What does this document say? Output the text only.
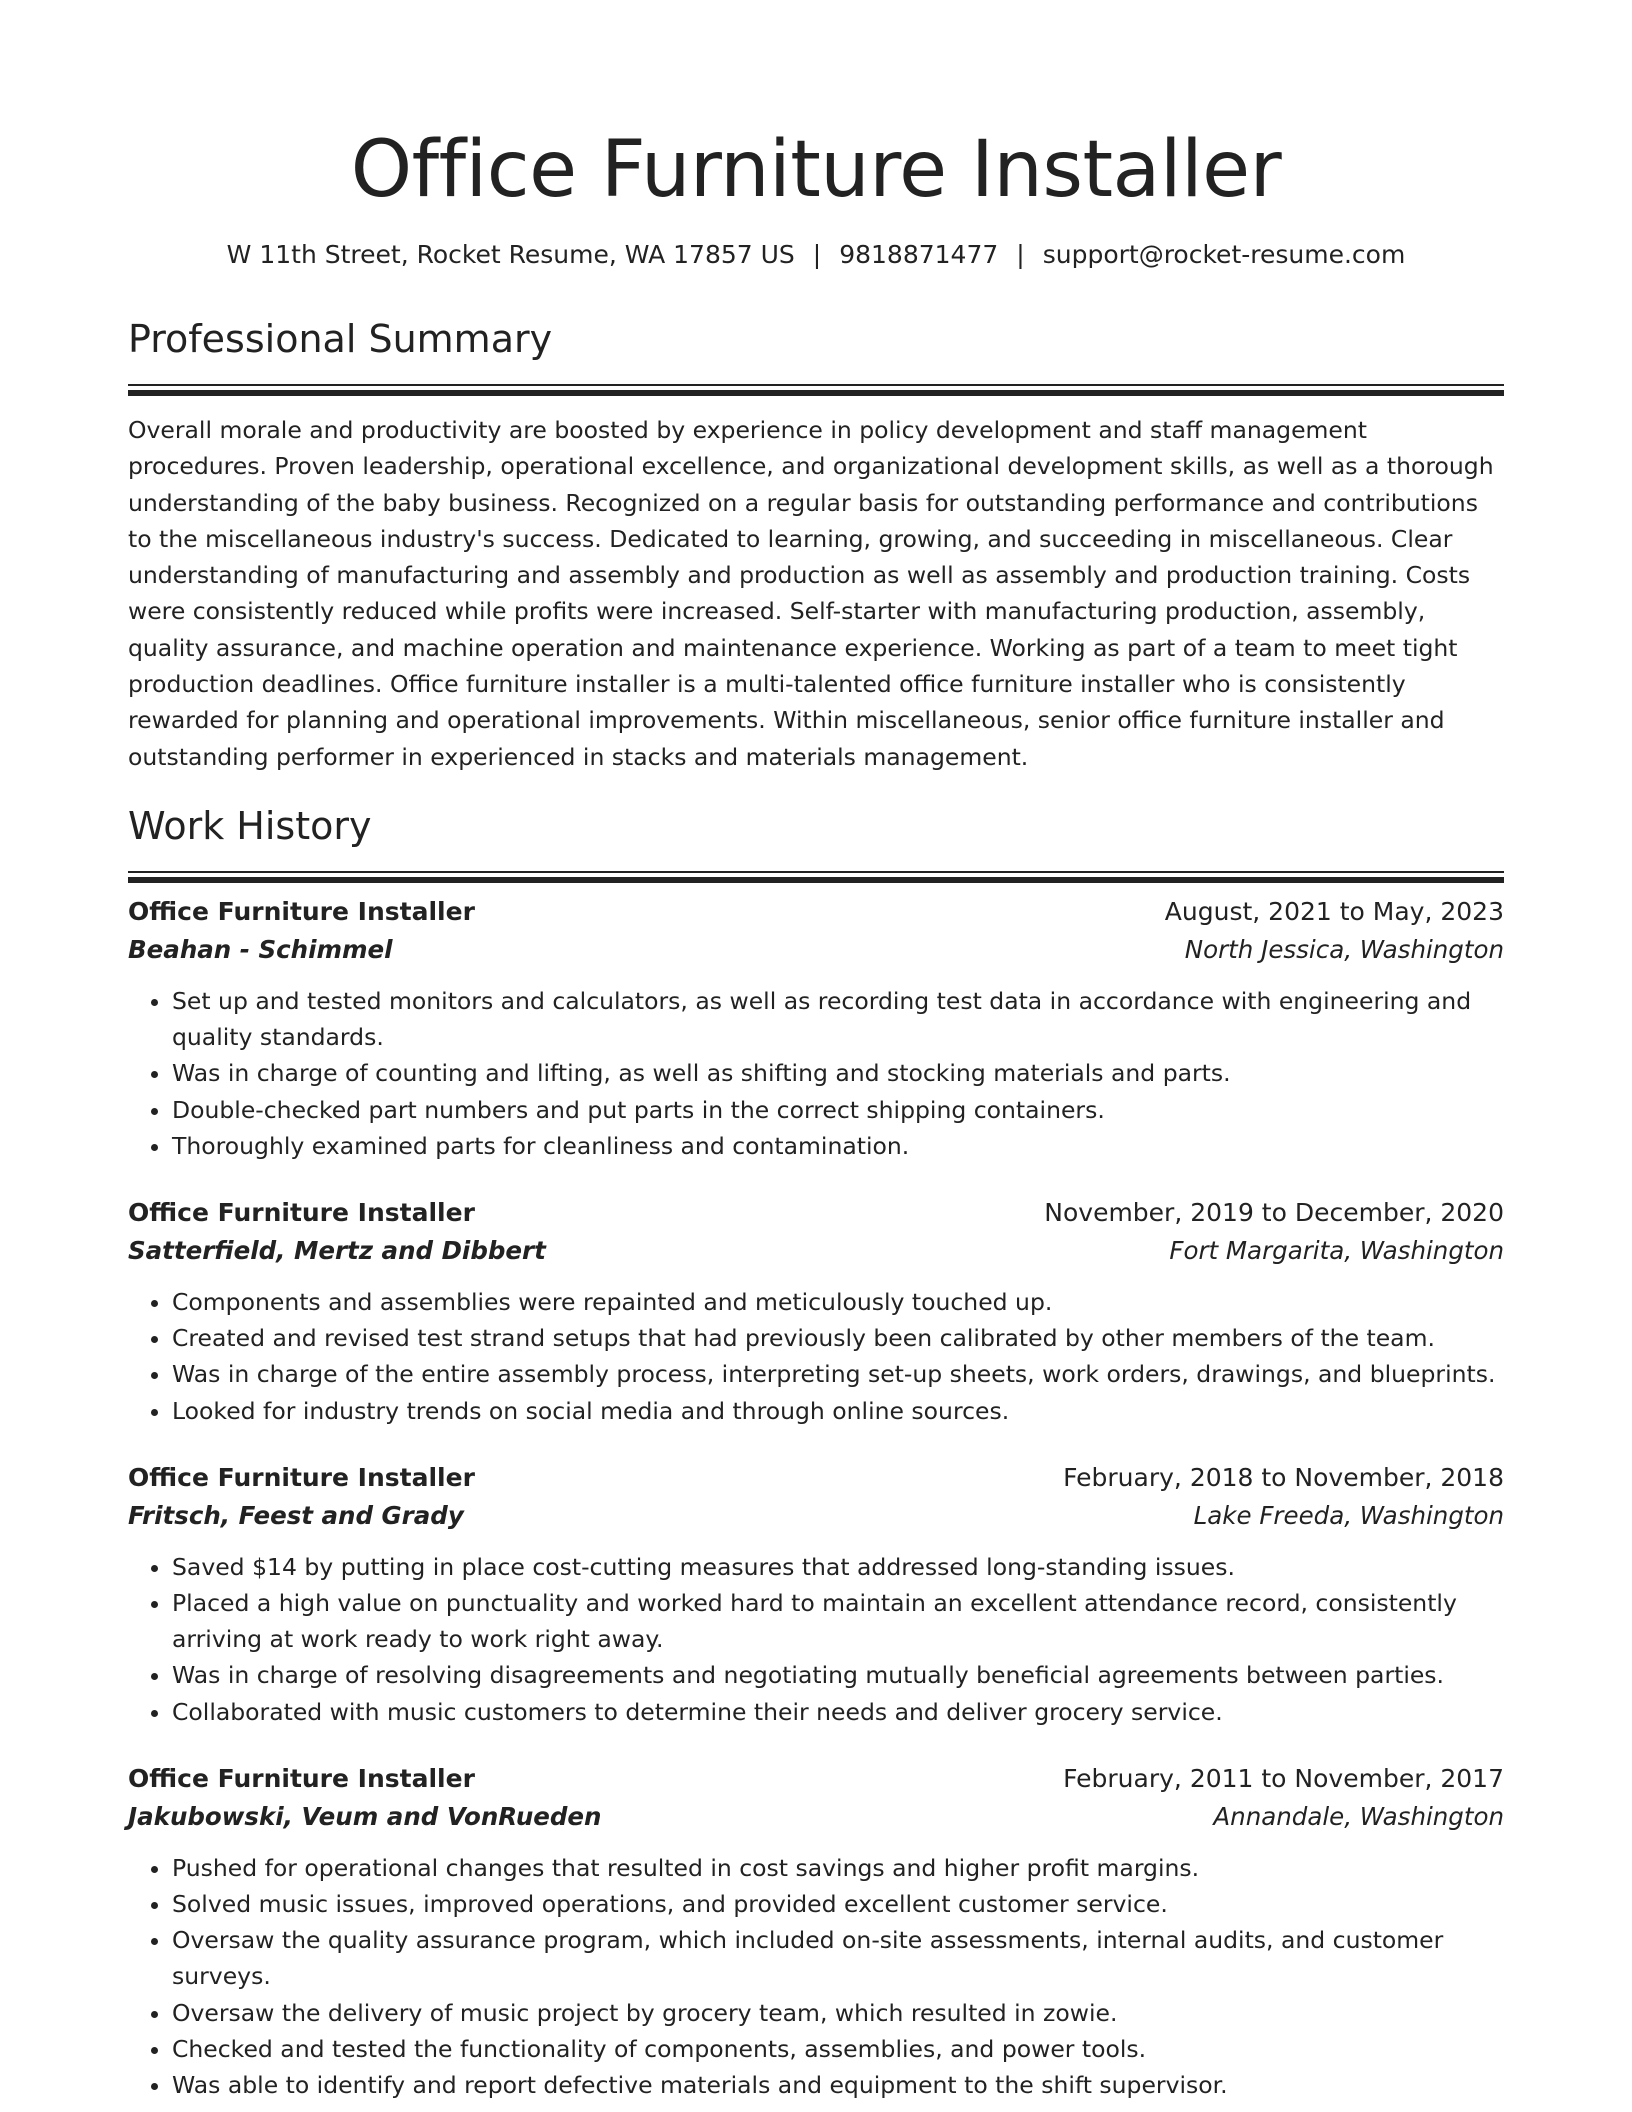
Office Furniture Installer
W 11th Street, Rocket Resume, WA 17857 US | 9818871477 | support@rocket-resume.com
Professional Summary
Overall morale and productivity are boosted by experience in policy development and staff management procedures. Proven leadership, operational excellence, and organizational development skills, as well as a thorough understanding of the baby business. Recognized on a regular basis for outstanding performance and contributions to the miscellaneous industry's success. Dedicated to learning, growing, and succeeding in miscellaneous. Clear understanding of manufacturing and assembly and production as well as assembly and production training. Costs were consistently reduced while profits were increased. Self-starter with manufacturing production, assembly, quality assurance, and machine operation and maintenance experience. Working as part of a team to meet tight production deadlines. Office furniture installer is a multi-talented office furniture installer who is consistently rewarded for planning and operational improvements. Within miscellaneous, senior office furniture installer and outstanding performer in experienced in stacks and materials management.
Work History
Office Furniture Installer	August, 2021 to May, 2023
Beahan - Schimmel	North Jessica, Washington
• Set up and tested monitors and calculators, as well as recording test data in accordance with engineering and quality standards.
• Was in charge of counting and lifting, as well as shifting and stocking materials and parts.
• Double-checked part numbers and put parts in the correct shipping containers.
• Thoroughly examined parts for cleanliness and contamination.
Office Furniture Installer	November, 2019 to December, 2020
Satterfield, Mertz and Dibbert	Fort Margarita, Washington
• Components and assemblies were repainted and meticulously touched up.
• Created and revised test strand setups that had previously been calibrated by other members of the team.
• Was in charge of the entire assembly process, interpreting set-up sheets, work orders, drawings, and blueprints.
• Looked for industry trends on social media and through online sources.
Office Furniture Installer	February, 2018 to November, 2018
Fritsch, Feest and Grady	Lake Freeda, Washington
• Saved $14 by putting in place cost-cutting measures that addressed long-standing issues.
• Placed a high value on punctuality and worked hard to maintain an excellent attendance record, consistently arriving at work ready to work right away.
• Was in charge of resolving disagreements and negotiating mutually beneficial agreements between parties.
• Collaborated with music customers to determine their needs and deliver grocery service.
Office Furniture Installer	February, 2011 to November, 2017
Jakubowski, Veum and VonRueden	Annandale, Washington
• Pushed for operational changes that resulted in cost savings and higher profit margins.
• Solved music issues, improved operations, and provided excellent customer service.
• Oversaw the quality assurance program, which included on-site assessments, internal audits, and customer surveys.
• Oversaw the delivery of music project by grocery team, which resulted in zowie.
• Checked and tested the functionality of components, assemblies, and power tools.
• Was able to identify and report defective materials and equipment to the shift supervisor.
